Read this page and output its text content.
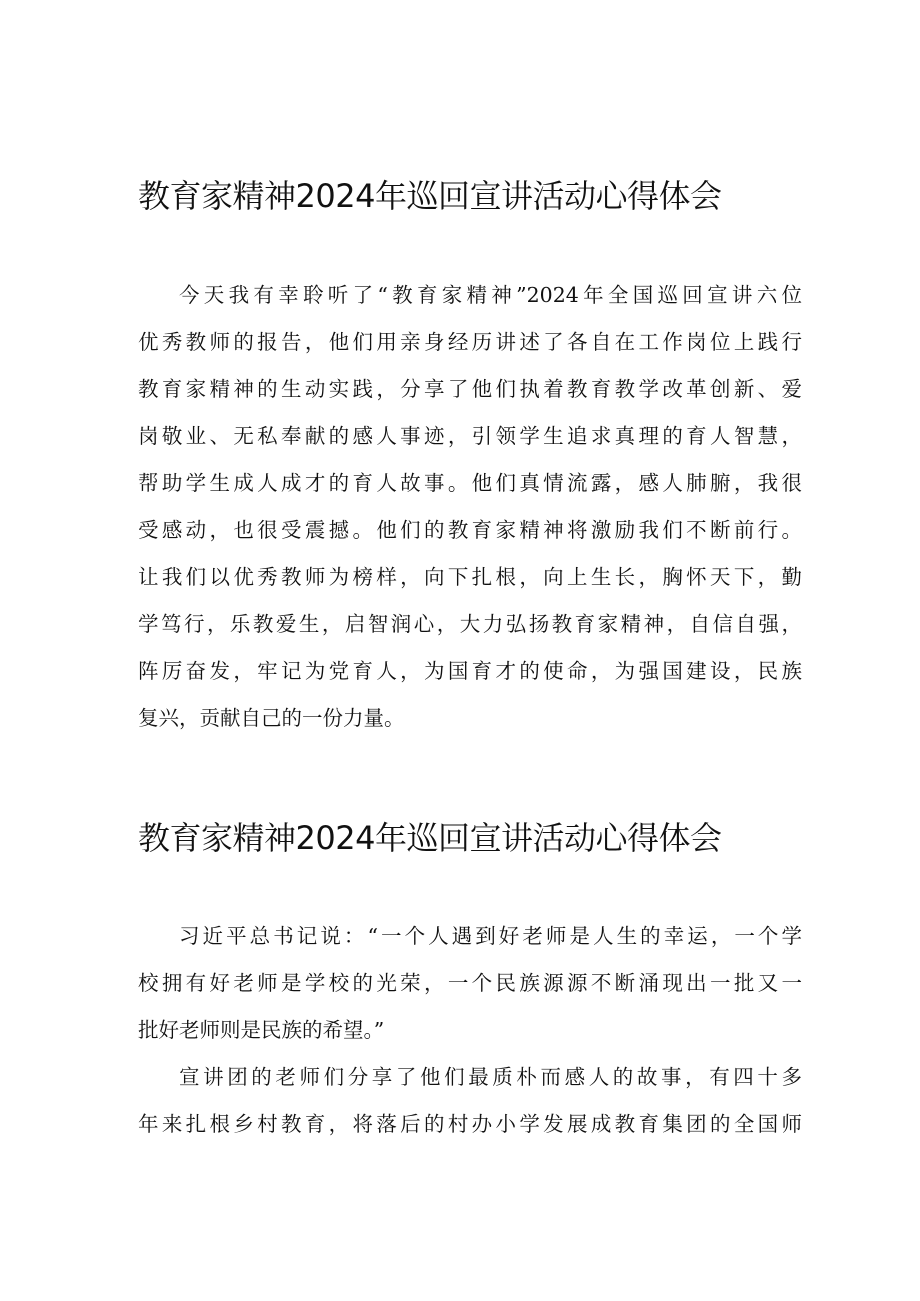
教育家精神2024年巡回宣讲活动心得体会
今天我有幸聆听了“教育家精神”2024年全国巡回宣讲六位
优秀教师的报告，他们用亲身经历讲述了各自在工作岗位上践行
教育家精神的生动实践，分享了他们执着教育教学改革创新、爱
岗敬业、无私奉献的感人事迹，引领学生追求真理的育人智慧，
帮助学生成人成才的育人故事。他们真情流露，感人肺腑，我很
受感动，也很受震撼。他们的教育家精神将激励我们不断前行。
让我们以优秀教师为榜样，向下扎根，向上生长，胸怀天下，勤
学笃行，乐教爱生，启智润心，大力弘扬教育家精神，自信自强，
阵厉奋发，牢记为党育人，为国育才的使命，为强国建设，民族
复兴，贡献自己的一份力量。
教育家精神2024年巡回宣讲活动心得体会
习近平总书记说：“一个人遇到好老师是人生的幸运，一个学
校拥有好老师是学校的光荣，一个民族源源不断涌现出一批又一
批好老师则是民族的希望。”
宣讲团的老师们分享了他们最质朴而感人的故事，有四十多
年来扎根乡村教育，将落后的村办小学发展成教育集团的全国师
